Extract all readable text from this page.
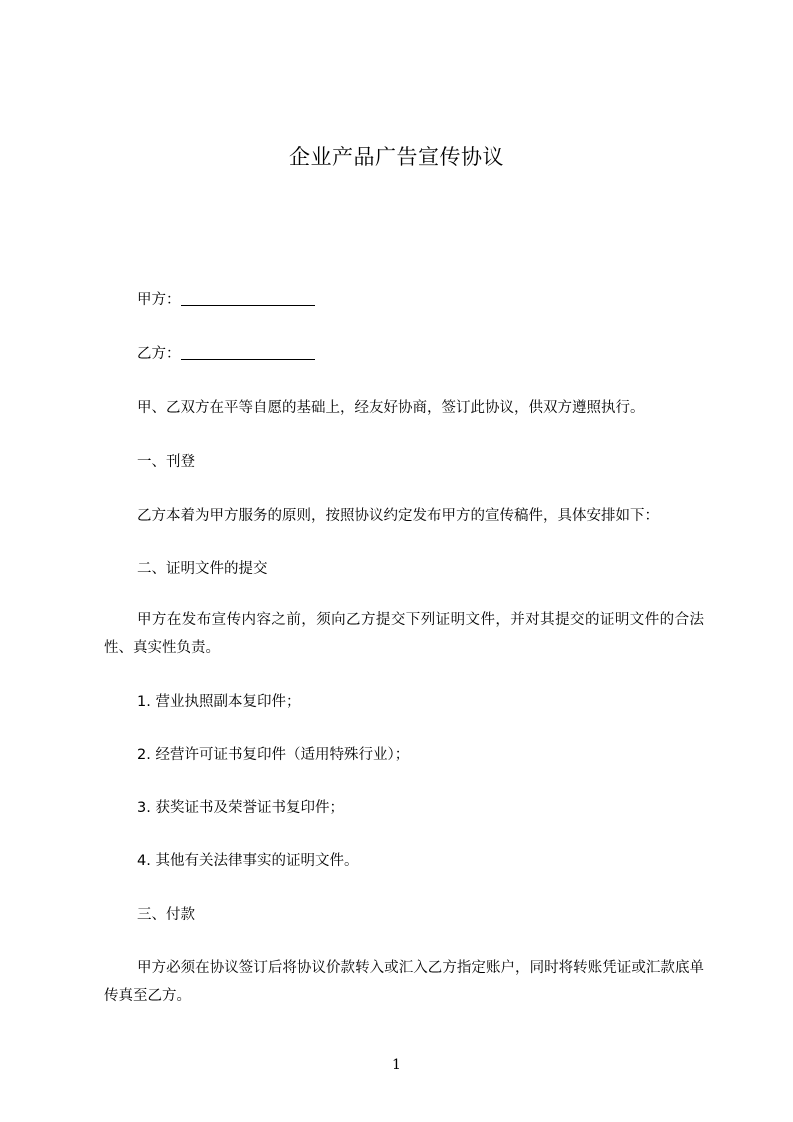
企业产品广告宣传协议
甲方：
乙方：
甲、乙双方在平等自愿的基础上，经友好协商，签订此协议，供双方遵照执行。
一、刊登
乙方本着为甲方服务的原则，按照协议约定发布甲方的宣传稿件，具体安排如下：
二、证明文件的提交
甲方在发布宣传内容之前，须向乙方提交下列证明文件，并对其提交的证明文件的合法性、真实性负责。
1. 营业执照副本复印件；
2. 经营许可证书复印件（适用特殊行业）；
3. 获奖证书及荣誉证书复印件；
4. 其他有关法律事实的证明文件。
三、付款
甲方必须在协议签订后将协议价款转入或汇入乙方指定账户，同时将转账凭证或汇款底单传真至乙方。
1
